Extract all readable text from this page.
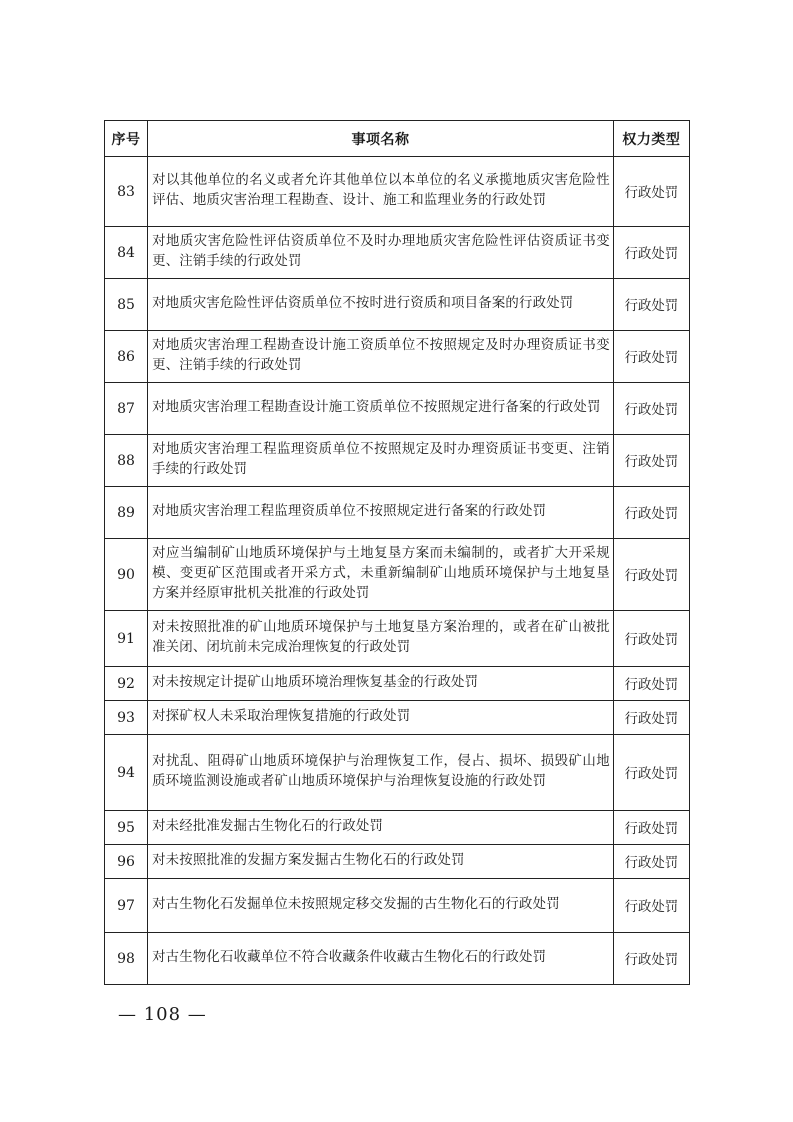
序号	事项名称	权力类型
83	对以其他单位的名义或者允许其他单位以本单位的名义承揽地质灾害危险性评估、地质灾害治理工程勘查、设计、施工和监理业务的行政处罚	行政处罚
84	对地质灾害危险性评估资质单位不及时办理地质灾害危险性评估资质证书变更、注销手续的行政处罚	行政处罚
85	对地质灾害危险性评估资质单位不按时进行资质和项目备案的行政处罚	行政处罚
86	对地质灾害治理工程勘查设计施工资质单位不按照规定及时办理资质证书变更、注销手续的行政处罚	行政处罚
87	对地质灾害治理工程勘查设计施工资质单位不按照规定进行备案的行政处罚	行政处罚
88	对地质灾害治理工程监理资质单位不按照规定及时办理资质证书变更、注销手续的行政处罚	行政处罚
89	对地质灾害治理工程监理资质单位不按照规定进行备案的行政处罚	行政处罚
90	对应当编制矿山地质环境保护与土地复垦方案而未编制的，或者扩大开采规模、变更矿区范围或者开采方式，未重新编制矿山地质环境保护与土地复垦方案并经原审批机关批准的行政处罚	行政处罚
91	对未按照批准的矿山地质环境保护与土地复垦方案治理的，或者在矿山被批准关闭、闭坑前未完成治理恢复的行政处罚	行政处罚
92	对未按规定计提矿山地质环境治理恢复基金的行政处罚	行政处罚
93	对探矿权人未采取治理恢复措施的行政处罚	行政处罚
94	对扰乱、阻碍矿山地质环境保护与治理恢复工作，侵占、损坏、损毁矿山地质环境监测设施或者矿山地质环境保护与治理恢复设施的行政处罚	行政处罚
95	对未经批准发掘古生物化石的行政处罚	行政处罚
96	对未按照批准的发掘方案发掘古生物化石的行政处罚	行政处罚
97	对古生物化石发掘单位未按照规定移交发掘的古生物化石的行政处罚	行政处罚
98	对古生物化石收藏单位不符合收藏条件收藏古生物化石的行政处罚	行政处罚
— 108 —
